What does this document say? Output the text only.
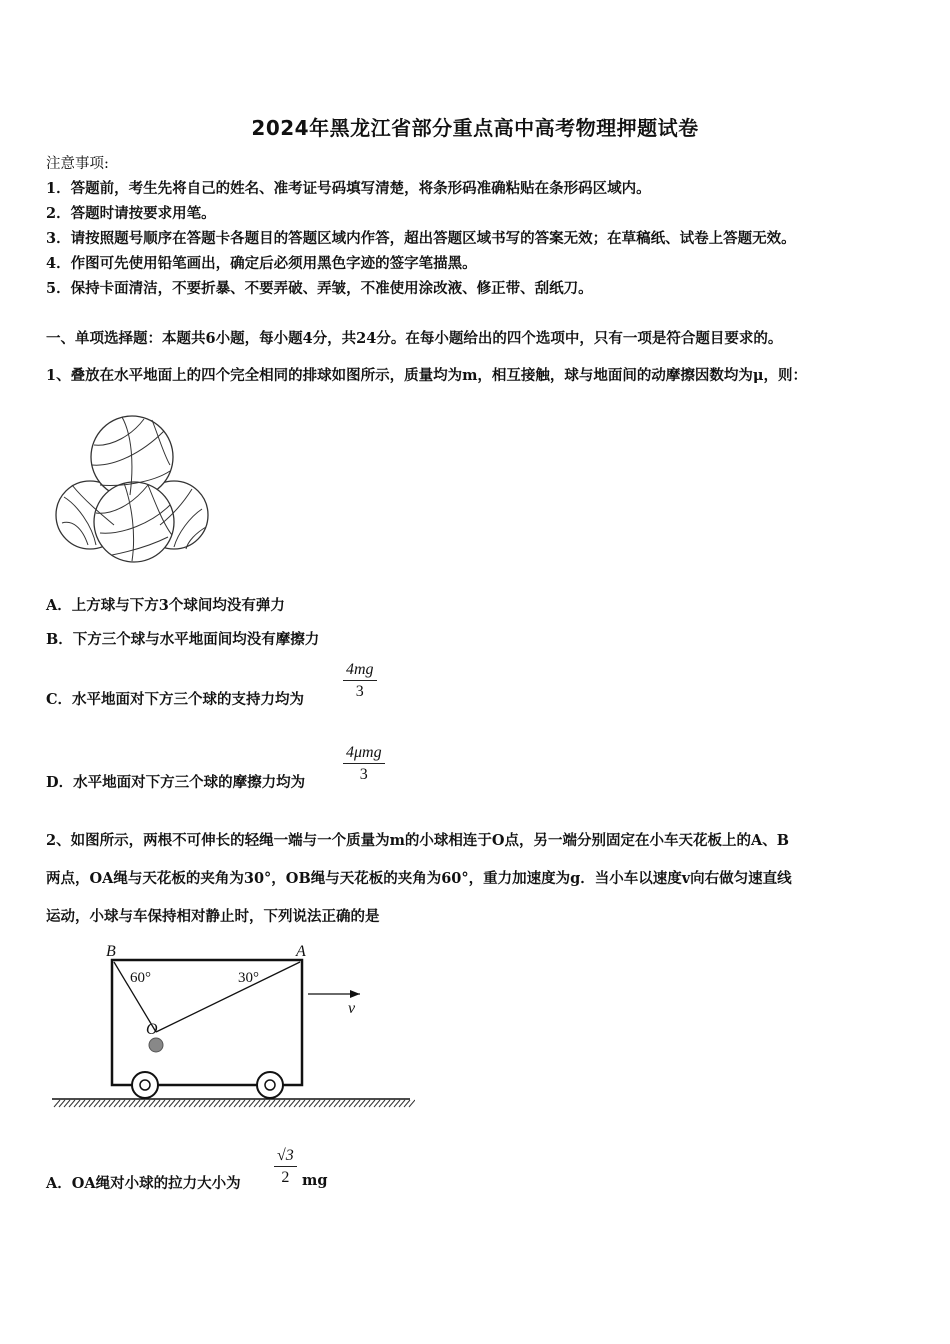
2024年黑龙江省部分重点高中高考物理押题试卷
注意事项:
1．答题前，考生先将自己的姓名、准考证号码填写清楚，将条形码准确粘贴在条形码区域内。
2．答题时请按要求用笔。
3．请按照题号顺序在答题卡各题目的答题区域内作答，超出答题区域书写的答案无效；在草稿纸、试卷上答题无效。
4．作图可先使用铅笔画出，确定后必须用黑色字迹的签字笔描黑。
5．保持卡面清洁，不要折暴、不要弄破、弄皱，不准使用涂改液、修正带、刮纸刀。
一、单项选择题：本题共6小题，每小题4分，共24分。在每小题给出的四个选项中，只有一项是符合题目要求的。
1、叠放在水平地面上的四个完全相同的排球如图所示，质量均为m，相互接触，球与地面间的动摩擦因数均为μ，则：
A．上方球与下方3个球间均没有弹力
B．下方三个球与水平地面间均没有摩擦力
C．水平地面对下方三个球的支持力均为 $\frac{4mg}{3}$
D．水平地面对下方三个球的摩擦力均为
4μmg
3
2、如图所示，两根不可伸长的轻绳一端与一个质量为m的小球相连于O点，另一端分别固定在小车天花板上的A、B
两点，OA绳与天花板的夹角为30°，OB绳与天花板的夹角为60°，重力加速度为g．当小车以速度v向右做匀速直线
运动，小球与车保持相对静止时，下列说法正确的是
B	A
O
v
60°	30°
A．OA绳对小球的拉力大小为 $\frac{√3}{2}$ mg
